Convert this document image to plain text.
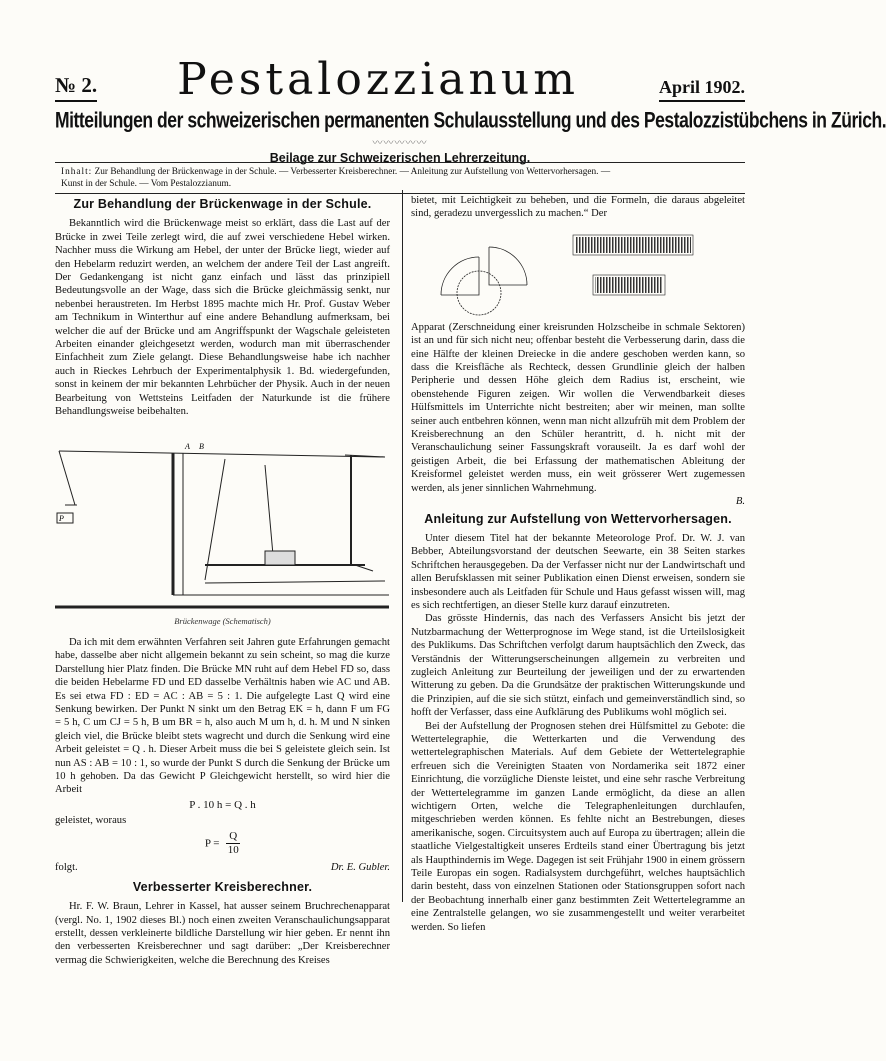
№ 2. Pestalozzianum	April 1902.
Mitteilungen der schweizerischen permanenten Schulausstellung und des Pestalozzistübchens in Zürich.
〰〰〰〰〰
Beilage zur Schweizerischen Lehrerzeitung.
Inhalt: Zur Behandlung der Brückenwage in der Schule. — Verbesserter Kreisberechner. — Anleitung zur Aufstellung von Wettervorhersagen. —
Kunst in der Schule. — Vom Pestalozzianum.
Zur Behandlung der Brückenwage in der Schule.

Bekanntlich wird die Brückenwage meist so erklärt, dass die Last auf der Brücke in zwei Teile zerlegt wird, die auf zwei verschiedene Hebel wirken. Nachher muss die Wirkung am Hebel, der unter der Brücke liegt, wieder auf den Hebelarm reduzirt werden, an welchem der andere Teil der Last angreift. Der Gedankengang ist nicht ganz einfach und lässt das prinzipiell Bedeutungsvolle an der Wage, dass sich die Brücke gleichmässig senkt, nur nebenbei heraustreten. Im Herbst 1895 machte mich Hr. Prof. Gustav Weber am Technikum in Winterthur auf eine andere Behandlung aufmerksam, bei welcher die auf der Brücke und am Angriffspunkt der Wagschale geleisteten Arbeiten einander gleichgesetzt werden, wodurch man mit überraschender Einfachheit zum Ziele gelangt. Diese Behandlungsweise habe ich nachher auch in Rieckes Lehrbuch der Experimentalphysik 1. Bd. wiedergefunden, sonst in keinem der mir bekannten Lehrbücher der Physik. Auch in der neuen Bearbeitung von Wettsteins Leitfaden der Naturkunde ist die frühere Behandlungsweise beibehalten.

A B
P
Brückenwage (Schematisch)

Da ich mit dem erwähnten Verfahren seit Jahren gute Erfahrungen gemacht habe, dasselbe aber nicht allgemein bekannt zu sein scheint, so mag die kurze Darstellung hier Platz finden. Die Brücke MN ruht auf dem Hebel FD so, dass die beiden Hebelarme FD und ED dasselbe Verhältnis haben wie AC und AB. Es sei etwa FD : ED = AC : AB = 5 : 1. Die aufgelegte Last Q wird eine Senkung bewirken. Der Punkt N sinkt um den Betrag EK = h, dann F um FG = 5 h, C um CJ = 5 h, B um BR = h, also auch M um h, d. h. M und N sinken gleich viel, die Brücke bleibt stets wagrecht und durch die Senkung wird eine Arbeit geleistet = Q . h. Dieser Arbeit muss die bei S geleistete gleich sein. Ist nun AS : AB = 10 : 1, so wurde der Punkt S durch die Senkung der Brücke um 10 h gehoben. Da das Gewicht P Gleichgewicht herstellt, so wird hier die Arbeit

P . 10 h = Q . h

geleistet, woraus

$P = \frac{Q}{10}$
folgt.	Dr. E. Gubler.
Verbesserter Kreisberechner.

Hr. F. W. Braun, Lehrer in Kassel, hat ausser seinem Bruchrechenapparat (vergl. No. 1, 1902 dieses Bl.) noch einen zweiten Veranschaulichungsapparat erstellt, dessen verkleinerte bildliche Darstellung wir hier geben. Er nennt ihn den verbesserten Kreisberechner und sagt darüber: „Der Kreisberechner vermag die Schwierigkeiten, welche die Berechnung des Kreises

bietet, mit Leichtigkeit zu beheben, und die Formeln, die daraus abgeleitet sind, geradezu unvergesslich zu machen.“ Der

Apparat (Zerschneidung einer kreisrunden Holzscheibe in schmale Sektoren) ist an und für sich nicht neu; offenbar besteht die Verbesserung darin, dass die eine Hälfte der kleinen Dreiecke in die andere geschoben werden kann, so dass die Kreisfläche als Rechteck, dessen Grundlinie gleich der halben Peripherie und dessen Höhe gleich dem Radius ist, erscheint, wie obenstehende Figuren zeigen. Wir wollen die Verwendbarkeit dieses Hülfsmittels im Unterrichte nicht bestreiten; aber wir meinen, man sollte seiner auch entbehren können, wenn man nicht allzufrüh mit dem Problem der Kreisberechnung an den Schüler herantritt, d. h. nicht mit der Veranschaulichung seiner Fassungskraft vorauseilt. Ja es darf wohl der geistigen Arbeit, die bei Erfassung der mathematischen Ableitung der Kreisformel geleistet werden muss, ein weit grösserer Wert zugemessen werden, als jener sinnlichen Wahrnehmung.

B.
Anleitung zur Aufstellung von Wettervorhersagen.

Unter diesem Titel hat der bekannte Meteorologe Prof. Dr. W. J. van Bebber, Abteilungsvorstand der deutschen Seewarte, ein 38 Seiten starkes Schriftchen herausgegeben. Da der Verfasser nicht nur der Landwirtschaft und allen Berufsklassen mit seiner Publikation einen Dienst erweisen, sondern sie insbesondere auch als Leitfaden für Schule und Haus gefasst wissen will, mag es sich rechtfertigen, an dieser Stelle kurz darauf einzutreten.

Das grösste Hindernis, das nach des Verfassers Ansicht bis jetzt der Nutzbarmachung der Wetterprognose im Wege stand, ist die Urteilslosigkeit des Puklikums. Das Schriftchen verfolgt darum hauptsächlich den Zweck, das Verständnis der Witterungserscheinungen allgemein zu verbreiten und zugleich Anleitung zur Beurteilung der jeweiligen und der zu erwartenden Witterung zu geben. Da die Grundsätze der praktischen Witterungskunde und die Prinzipien, auf die sie sich stützt, einfach und gemeinverständlich sind, so hofft der Verfasser, dass eine Aufklärung des Publikums wohl möglich sei.

Bei der Aufstellung der Prognosen stehen drei Hülfsmittel zu Gebote: die Wettertelegraphie, die Wetterkarten und die Verwendung des wettertelegraphischen Materials. Auf dem Gebiete der Wettertelegraphie erfreuen sich die Vereinigten Staaten von Nordamerika seit 1872 einer Einrichtung, die vorzügliche Dienste leistet, und eine sehr rasche Verbreitung der Wettertelegramme im ganzen Lande ermöglicht, da diese an allen wichtigern Orten, welche die Telegraphenleitungen durchlaufen, mitgeschrieben werden können. Es fehlte nicht an Bestrebungen, dieses amerikanische, sogen. Circuitsystem auch auf Europa zu übertragen; allein die staatliche Vielgestaltigkeit unseres Erdteils stand einer Übertragung bis jetzt als Haupthindernis im Wege. Dagegen ist seit Frühjahr 1900 in einem grössern Teile Europas ein sogen. Radialsystem durchgeführt, welches hauptsächlich darin besteht, dass von einzelnen Stationen oder Stationsgruppen sofort nach der Beobachtung innerhalb einer ganz bestimmten Zeit Wettertelegramme an eine Zentralstelle gelangen, wo sie zusammengestellt und weiter verarbeitet werden. So liefen
